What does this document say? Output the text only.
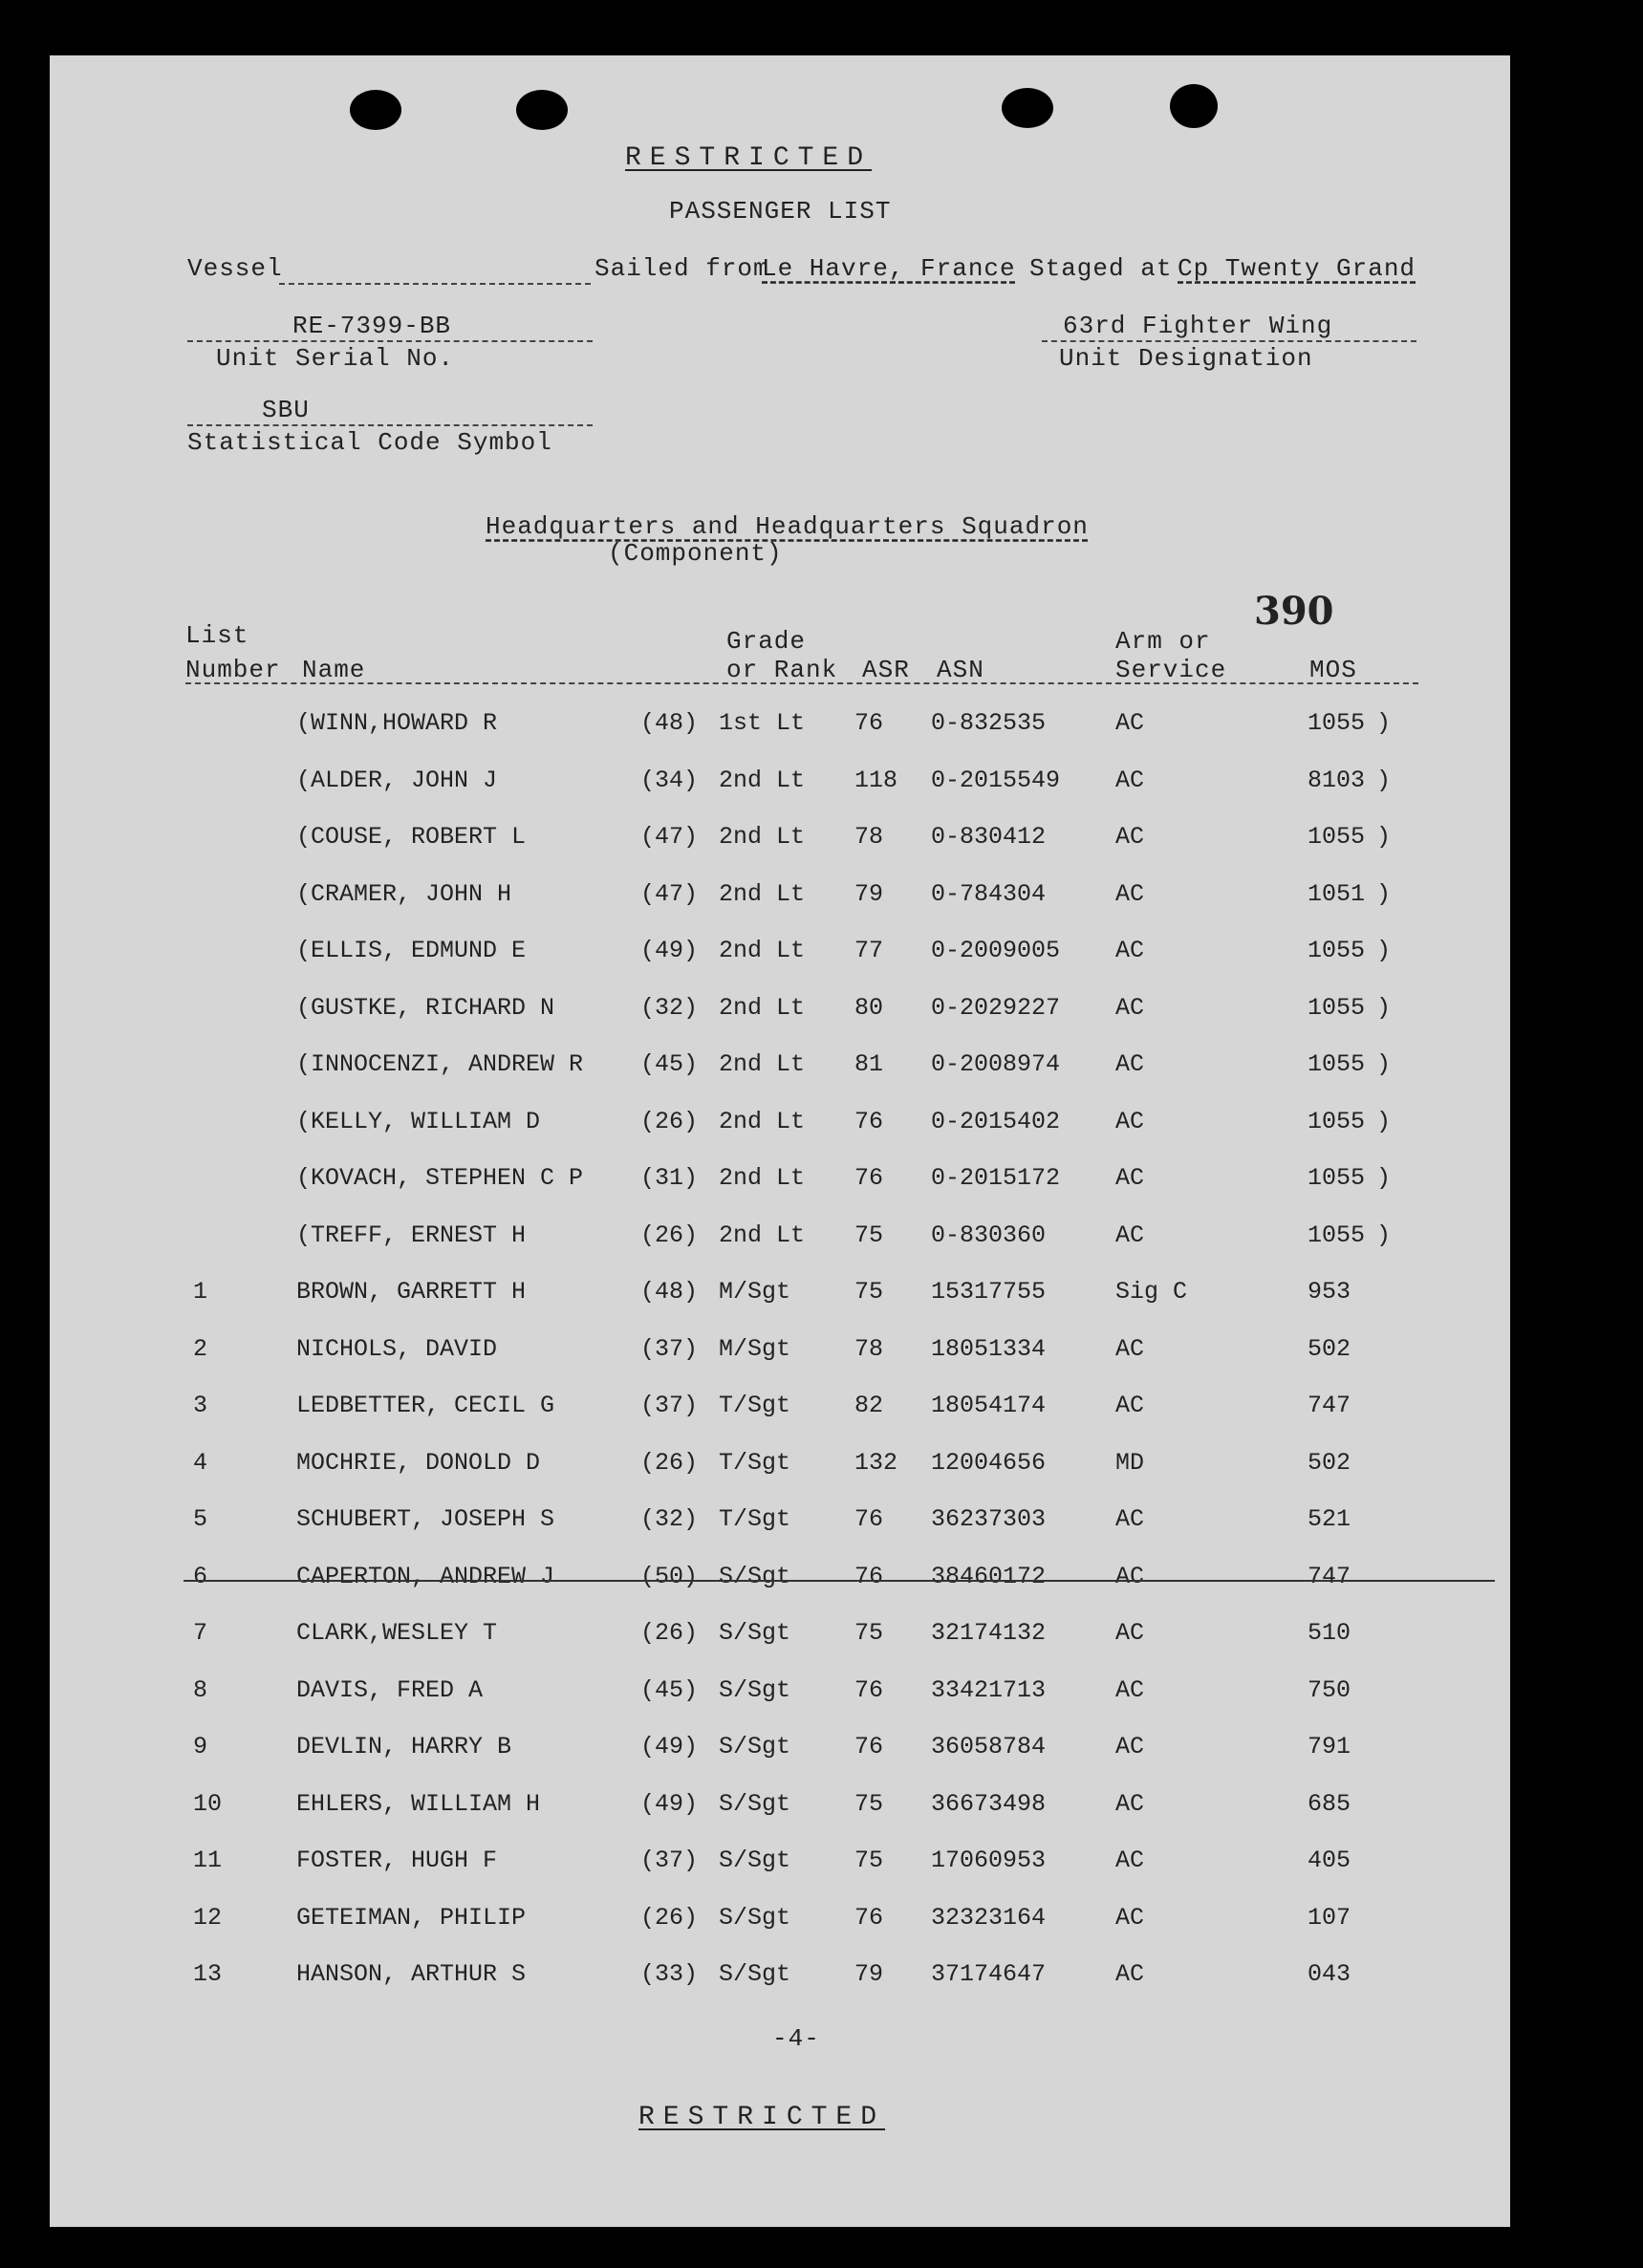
RESTRICTED
PASSENGER LIST
Vessel	Sailed from
Le Havre, France Staged at Cp Twenty Grand
RE-7399-BB
Unit Serial No.
63rd Fighter Wing
Unit Designation
SBU
Statistical Code Symbol
Headquarters and Headquarters Squadron
(Component)
390
List
Number Name
Grade
or Rank ASR ASN
Arm or
Service	MOS
(WINN,HOWARD R	(48) 1st Lt 76 0-832535	AC	1055 )
(ALDER, JOHN J	(34) 2nd Lt 118 0-2015549 AC	8103 )
(COUSE, ROBERT L	(47) 2nd Lt 78 0-830412	AC	1055 )
(CRAMER, JOHN H	(47) 2nd Lt 79 0-784304	AC	1051 )
(ELLIS, EDMUND E	(49) 2nd Lt 77 0-2009005 AC	1055 )
(GUSTKE, RICHARD N	(32) 2nd Lt 80 0-2029227 AC	1055 )
(INNOCENZI, ANDREW R (45) 2nd Lt 81 0-2008974 AC	1055 )
(KELLY, WILLIAM D	(26) 2nd Lt 76 0-2015402 AC	1055 )
(KOVACH, STEPHEN C P (31) 2nd Lt 76 0-2015172 AC	1055 )
(TREFF, ERNEST H	(26) 2nd Lt 75 0-830360	AC	1055 )
1	BROWN, GARRETT H	(48) M/Sgt	75 15317755	Sig C	953
2	NICHOLS, DAVID	(37) M/Sgt	78 18051334	AC	502
3	LEDBETTER, CECIL G	(37) T/Sgt	82 18054174	AC	747
4	MOCHRIE, DONOLD D	(26) T/Sgt	132 12004656	MD	502
5	SCHUBERT, JOSEPH S	(32) T/Sgt	76 36237303	AC	521
6	CAPERTON, ANDREW J	(50) S/Sgt	76 38460172	AC	747
7	CLARK,WESLEY T	(26) S/Sgt	75 32174132	AC	510
8	DAVIS, FRED A	(45) S/Sgt	76 33421713	AC	750
9	DEVLIN, HARRY B	(49) S/Sgt	76 36058784	AC	791
10	EHLERS, WILLIAM H	(49) S/Sgt	75 36673498	AC	685
11	FOSTER, HUGH F	(37) S/Sgt	75 17060953	AC	405
12	GETEIMAN, PHILIP	(26) S/Sgt	76 32323164	AC	107
13	HANSON, ARTHUR S	(33) S/Sgt	79 37174647	AC	043
-4-
RESTRICTED
